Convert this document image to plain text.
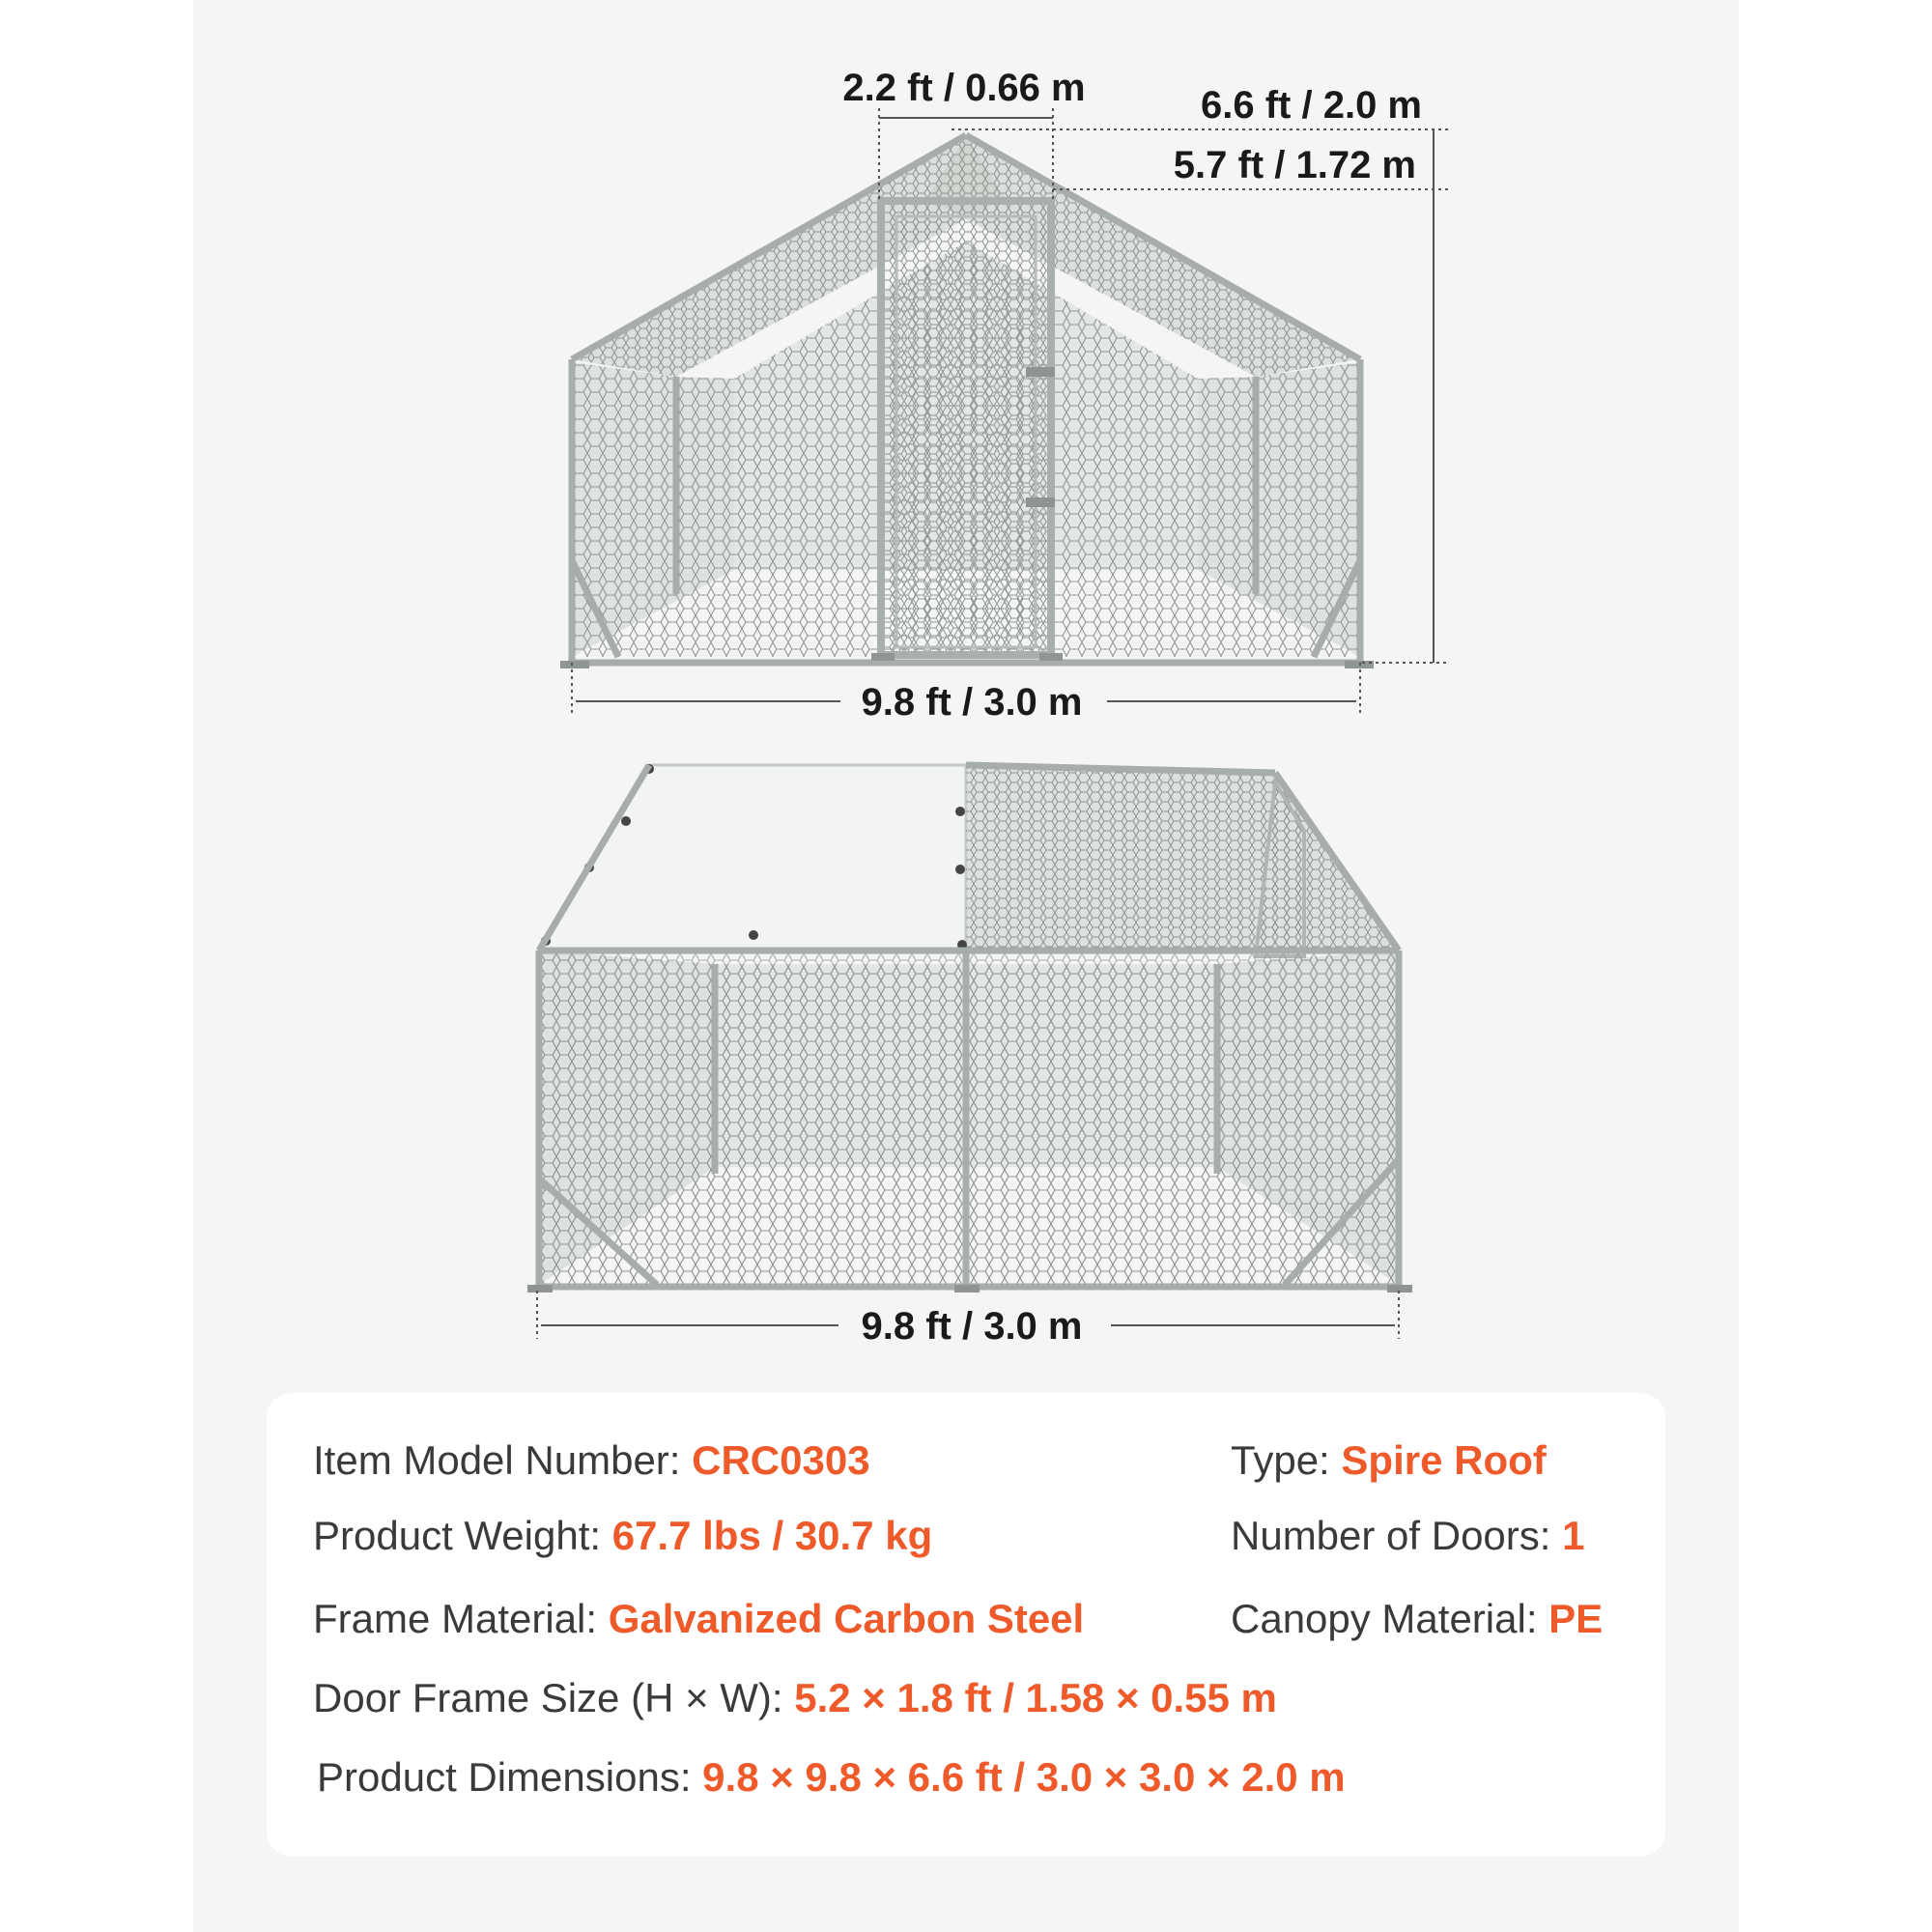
2.2 ft / 0.66 m	6.6 ft / 2.0 m
5.7 ft / 1.72 m
9.8 ft / 3.0 m
9.8 ft / 3.0 m
Item Model Number: CRC0303	Type: Spire Roof
Product Weight: 67.7 lbs / 30.7 kg	Number of Doors: 1
Frame Material: Galvanized Carbon Steel	Canopy Material: PE
Door Frame Size (H × W): 5.2 × 1.8 ft / 1.58 × 0.55 m
Product Dimensions: 9.8 × 9.8 × 6.6 ft / 3.0 × 3.0 × 2.0 m
